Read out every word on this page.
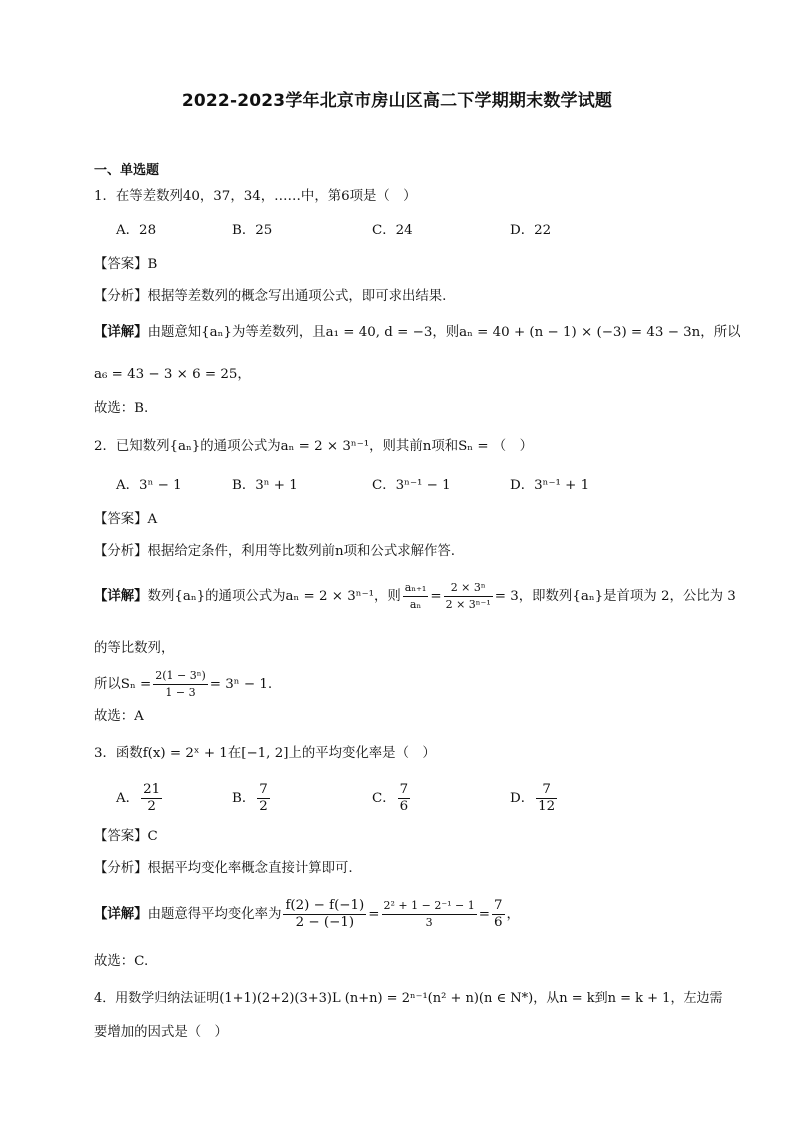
2022-2023学年北京市房山区高二下学期期末数学试题
一、单选题
1．在等差数列40，37，34，……中，第6项是（　）
A．28	B．25	C．24	D．22
【答案】B
【分析】根据等差数列的概念写出通项公式，即可求出结果.
【详解】由题意知{aₙ}为等差数列，且a₁ = 40, d = −3，则aₙ = 40 + (n − 1) × (−3) = 43 − 3n，所以
a₆ = 43 − 3 × 6 = 25，
故选：B.
2．已知数列{aₙ}的通项公式为aₙ = 2 × 3ⁿ⁻¹，则其前n项和Sₙ = （　）
A．3ⁿ − 1	B．3ⁿ + 1	C．3ⁿ⁻¹ − 1	D．3ⁿ⁻¹ + 1
【答案】A
【分析】根据给定条件，利用等比数列前n项和公式求解作答.
【详解】数列{aₙ}的通项公式为aₙ = 2 × 3ⁿ⁻¹，则 $\frac{\text{aₙ₊₁}}{\text{aₙ}} = \frac{\text{2 × 3ⁿ}}{\text{2 × 3ⁿ⁻¹}} = 3$，即数列{aₙ}是首项为 2，公比为 3
的等比数列，
所以$S_n = \frac{\text{2(1 − 3ⁿ)}}{1 - 3} = 3^n - 1$.
故选：A
3．函数f(x) = 2ˣ + 1在[−1, 2]上的平均变化率是（　）
A． $\frac{21}{2}$	B． $\frac{7}{2}$	C． $\frac{7}{6}$	D． $\frac{7}{12}$
【答案】C
【分析】根据平均变化率概念直接计算即可.
【详解】由题意得平均变化率为 $\frac{f(2) - f(-1)}{2 - (-1)} = \frac{\text{2² + 1 − 2⁻¹ − 1}}{3} = \frac{7}{6}$ ，
故选：C.
4．用数学归纳法证明(1+1)(2+2)(3+3)L (n+n) = 2ⁿ⁻¹(n² + n)(n ∈ N*)，从n = k到n = k + 1，左边需
要增加的因式是（　）
